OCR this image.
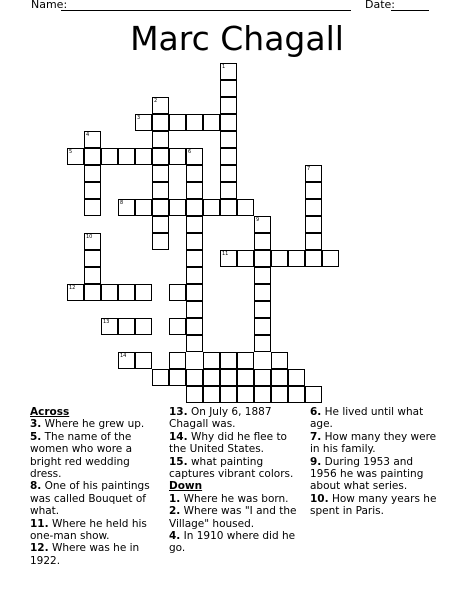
Name:	Date:
Marc Chagall
1
2
3
4
5	6
8
7
9
10
11
12
13
14
Across
3. Where he grew up.
5. The name of the women who wore a bright red wedding dress.
8. One of his paintings was called Bouquet of what.
11. Where he held his one-man show.
12. Where was he in 1922.
13. On July 6, 1887 Chagall was.
14. Why did he flee to the United States.
15. what painting captures vibrant colors.
Down
1. Where he was born.
2. Where was "I and the Village" housed.
4. In 1910 where did he go.
6. He lived until what age.
7. How many they were in his family.
9. During 1953 and 1956 he was painting about what series.
10. How many years he spent in Paris.
